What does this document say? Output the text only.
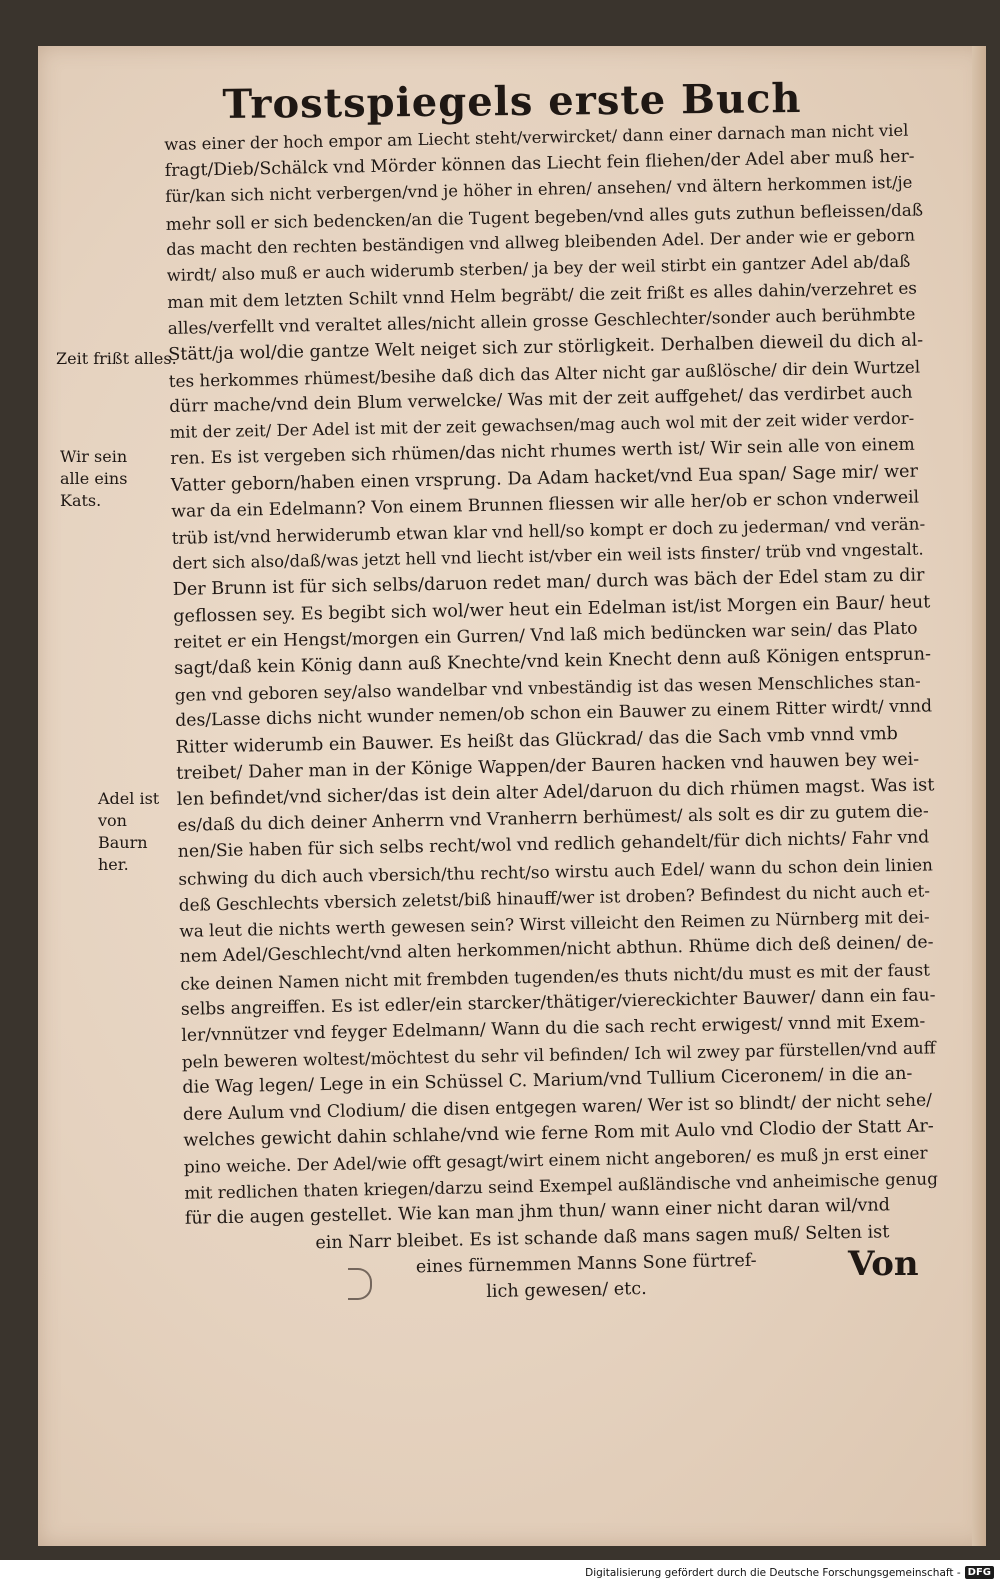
Trostspiegels erste Buch
Zeit frißt alles.
Wir sein alle eins Kats.
Adel ist von Baurn her.
was einer der hoch empor am Liecht steht/verwircket/ dann einer darnach man nicht viel
fragt/Dieb/Schälck vnd Mörder können das Liecht fein fliehen/der Adel aber muß her-
für/kan sich nicht verbergen/vnd je höher in ehren/ ansehen/ vnd ältern herkommen ist/je
mehr soll er sich bedencken/an die Tugent begeben/vnd alles guts zuthun befleissen/daß
das macht den rechten beständigen vnd allweg bleibenden Adel. Der ander wie er geborn
wirdt/ also muß er auch widerumb sterben/ ja bey der weil stirbt ein gantzer Adel ab/daß
man mit dem letzten Schilt vnnd Helm begräbt/ die zeit frißt es alles dahin/verzehret es
alles/verfellt vnd veraltet alles/nicht allein grosse Geschlechter/sonder auch berühmbte
Stätt/ja wol/die gantze Welt neiget sich zur störligkeit. Derhalben dieweil du dich al-
tes herkommes rhümest/besihe daß dich das Alter nicht gar außlösche/ dir dein Wurtzel
dürr mache/vnd dein Blum verwelcke/ Was mit der zeit auffgehet/ das verdirbet auch
mit der zeit/ Der Adel ist mit der zeit gewachsen/mag auch wol mit der zeit wider verdor-
ren. Es ist vergeben sich rhümen/das nicht rhumes werth ist/ Wir sein alle von einem
Vatter geborn/haben einen vrsprung. Da Adam hacket/vnd Eua span/ Sage mir/ wer
war da ein Edelmann? Von einem Brunnen fliessen wir alle her/ob er schon vnderweil
trüb ist/vnd herwiderumb etwan klar vnd hell/so kompt er doch zu jederman/ vnd verän-
dert sich also/daß/was jetzt hell vnd liecht ist/vber ein weil ists finster/ trüb vnd vngestalt.
Der Brunn ist für sich selbs/daruon redet man/ durch was bäch der Edel stam zu dir
geflossen sey. Es begibt sich wol/wer heut ein Edelman ist/ist Morgen ein Baur/ heut
reitet er ein Hengst/morgen ein Gurren/ Vnd laß mich bedüncken war sein/ das Plato
sagt/daß kein König dann auß Knechte/vnd kein Knecht denn auß Königen entsprun-
gen vnd geboren sey/also wandelbar vnd vnbeständig ist das wesen Menschliches stan-
des/Lasse dichs nicht wunder nemen/ob schon ein Bauwer zu einem Ritter wirdt/ vnnd
Ritter widerumb ein Bauwer. Es heißt das Glückrad/ das die Sach vmb vnnd vmb
treibet/ Daher man in der Könige Wappen/der Bauren hacken vnd hauwen bey wei-
len befindet/vnd sicher/das ist dein alter Adel/daruon du dich rhümen magst. Was ist
es/daß du dich deiner Anherrn vnd Vranherrn berhümest/ als solt es dir zu gutem die-
nen/Sie haben für sich selbs recht/wol vnd redlich gehandelt/für dich nichts/ Fahr vnd
schwing du dich auch vbersich/thu recht/so wirstu auch Edel/ wann du schon dein linien
deß Geschlechts vbersich zeletst/biß hinauff/wer ist droben? Befindest du nicht auch et-
wa leut die nichts werth gewesen sein? Wirst villeicht den Reimen zu Nürnberg mit dei-
nem Adel/Geschlecht/vnd alten herkommen/nicht abthun. Rhüme dich deß deinen/ de-
cke deinen Namen nicht mit frembden tugenden/es thuts nicht/du must es mit der faust
selbs angreiffen. Es ist edler/ein starcker/thätiger/viereckichter Bauwer/ dann ein fau-
ler/vnnützer vnd feyger Edelmann/ Wann du die sach recht erwigest/ vnnd mit Exem-
peln beweren woltest/möchtest du sehr vil befinden/ Ich wil zwey par fürstellen/vnd auff
die Wag legen/ Lege in ein Schüssel C. Marium/vnd Tullium Ciceronem/ in die an-
dere Aulum vnd Clodium/ die disen entgegen waren/ Wer ist so blindt/ der nicht sehe/
welches gewicht dahin schlahe/vnd wie ferne Rom mit Aulo vnd Clodio der Statt Ar-
pino weiche. Der Adel/wie offt gesagt/wirt einem nicht angeboren/ es muß jn erst einer
mit redlichen thaten kriegen/darzu seind Exempel außländische vnd anheimische genug
für die augen gestellet. Wie kan man jhm thun/ wann einer nicht daran wil/vnd
ein Narr bleibet. Es ist schande daß mans sagen muß/ Selten ist
eines fürnemmen Manns Sone fürtref-
lich gewesen/ etc.
Von
Digitalisierung gefördert durch die Deutsche Forschungsgemeinschaft - DFG
